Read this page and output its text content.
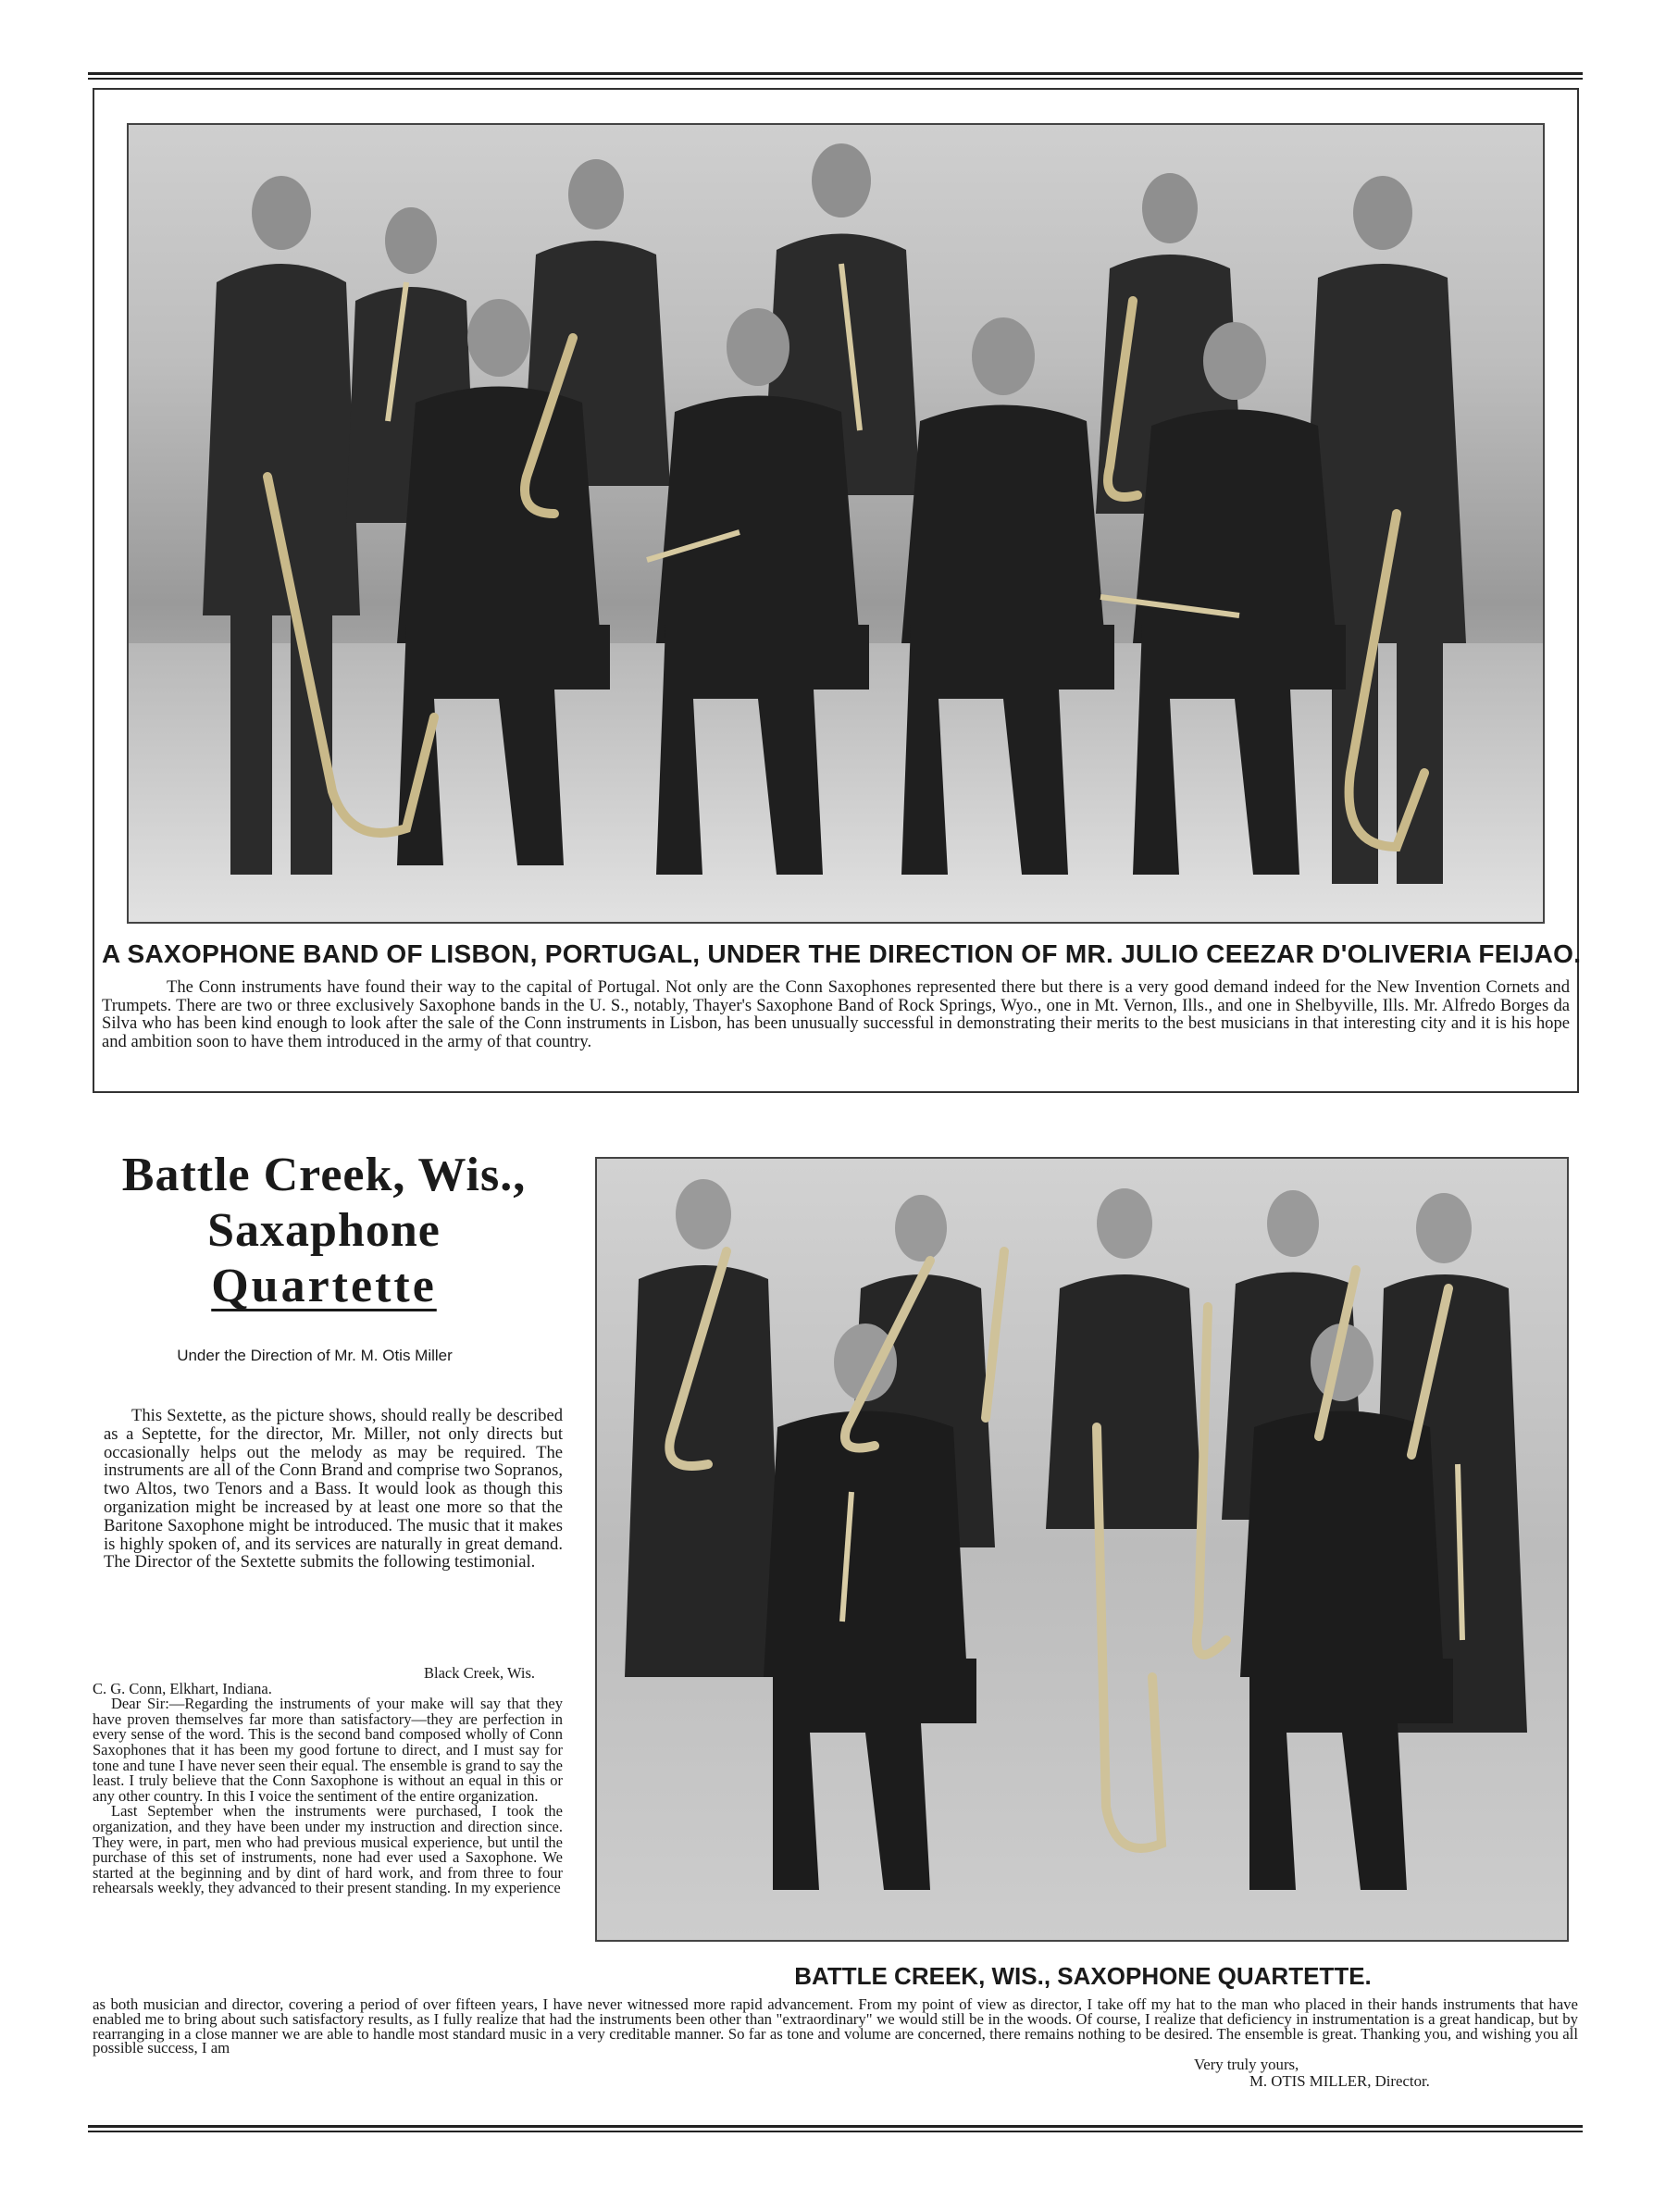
A SAXOPHONE BAND OF LISBON, PORTUGAL, UNDER THE DIRECTION OF MR. JULIO CEEZAR D'OLIVERIA FEIJAO.
The Conn instruments have found their way to the capital of Portugal. Not only are the Conn Saxophones represented there but there is a very good demand indeed for the New Invention Cornets and Trumpets. There are two or three exclusively Saxophone bands in the U. S., notably, Thayer's Saxophone Band of Rock Springs, Wyo., one in Mt. Vernon, Ills., and one in Shelbyville, Ills. Mr. Alfredo Borges da Silva who has been kind enough to look after the sale of the Conn instruments in Lisbon, has been unusually successful in demonstrating their merits to the best musicians in that interesting city and it is his hope and ambition soon to have them introduced in the army of that country.
Battle Creek, Wis.,
Saxaphone
Quartette
Under the Direction of Mr. M. Otis Miller
This Sextette, as the picture shows, should really be described as a Septette, for the director, Mr. Miller, not only directs but occasionally helps out the melody as may be required. The instruments are all of the Conn Brand and comprise two Sopranos, two Altos, two Tenors and a Bass. It would look as though this organization might be increased by at least one more so that the Baritone Saxophone might be introduced. The music that it makes is highly spoken of, and its services are naturally in great demand. The Director of the Sextette submits the following testimonial.

Black Creek, Wis.

C. G. Conn, Elkhart, Indiana.

Dear Sir:—Regarding the instruments of your make will say that they have proven themselves far more than satisfactory—they are perfection in every sense of the word. This is the second band composed wholly of Conn Saxophones that it has been my good fortune to direct, and I must say for tone and tune I have never seen their equal. The ensemble is grand to say the least. I truly believe that the Conn Saxophone is without an equal in this or any other country. In this I voice the sentiment of the entire organization.

Last September when the instruments were purchased, I took the organization, and they have been under my instruction and direction since. They were, in part, men who had previous musical experience, but until the purchase of this set of instruments, none had ever used a Saxophone. We started at the beginning and by dint of hard work, and from three to four rehearsals weekly, they advanced to their present standing. In my experience

BATTLE CREEK, WIS., SAXOPHONE QUARTETTE.
as both musician and director, covering a period of over fifteen years, I have never witnessed more rapid advancement. From my point of view as director, I take off my hat to the man who placed in their hands instruments that have enabled me to bring about such satisfactory results, as I fully realize that had the instruments been other than "extraordinary" we would still be in the woods. Of course, I realize that deficiency in instrumentation is a great handicap, but by rearranging in a close manner we are able to handle most standard music in a very creditable manner. So far as tone and volume are concerned, there remains nothing to be desired. The ensemble is great. Thanking you, and wishing you all possible success, I am
Very truly yours,
M. OTIS MILLER, Director.
